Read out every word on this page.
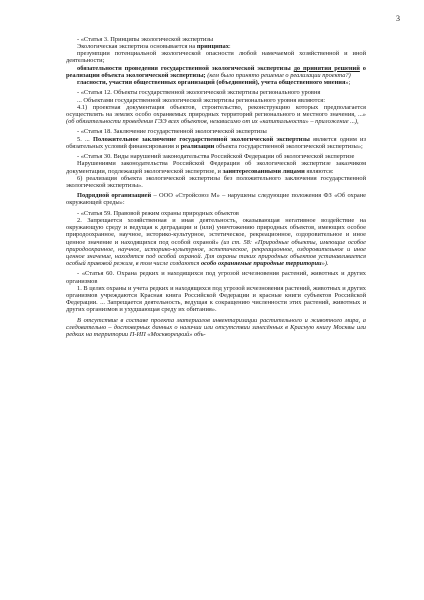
3

- «Статья 3. Принципы экологической экспертизы

Экологическая экспертиза основывается на принципах:

презумпции потенциальной экологической опасности любой намечаемой хозяйственной и иной деятельности;

обязательности проведения государственной экологической экспертизы до принятия решений о реализации объекта экологической экспертизы; (кем было принято решение о реализации проекта?)

гласности, участия общественных организаций (объединений), учета общественного мнения»;

- «Статья 12. Объекты государственной экологической экспертизы регионального уровня

... Объектами государственной экологической экспертизы регионального уровня являются:

4.1) проектная документация объектов, строительство, реконструкцию которых предполагается осуществлять на землях особо охраняемых природных территорий регионального и местного значения, ...» (об обязательности проведения ГЭЭ всех объектов, независимо от их «капитальности» – приложение ...),

- «Статья 18. Заключение государственной экологической экспертизы

5. ... Положительное заключение государственной экологической экспертизы является одним из обязательных условий финансирования и реализации объекта государственной экологической экспертизы»;

- «Статья 30. Виды нарушений законодательства Российской Федерации об экологической экспертизе

Нарушениями законодательства Российской Федерации об экологической экспертизе заказчиком документации, подлежащей экологической экспертизе, и заинтересованными лицами являются:

6) реализация объекта экологической экспертизы без положительного заключения государственной экологической экспертизы».

Подрядной организацией – ООО «Стройсоюз М» – нарушены следующие положения ФЗ «Об охране окружающей среды»:

- «Статья 59. Правовой режим охраны природных объектов

2. Запрещается хозяйственная и иная деятельность, оказывающая негативное воздействие на окружающую среду и ведущая к деградации и (или) уничтожению природных объектов, имеющих особое природоохранное, научное, историко-культурное, эстетическое, рекреационное, оздоровительное и иное ценное значение и находящихся под особой охраной» (из ст. 58: «Природные объекты, имеющие особое природоохранное, научное, историко-культурное, эстетическое, рекреационное, оздоровительное и иное ценное значение, находятся под особой охраной. Для охраны таких природных объектов устанавливается особый правовой режим, в том числе создаются особо охраняемые природные территории»).

- «Статья 60. Охрана редких и находящихся под угрозой исчезновения растений, животных и других организмов

1. В целях охраны и учета редких и находящихся под угрозой исчезновения растений, животных и других организмов учреждаются Красная книга Российской Федерации и красные книги субъектов Российской Федерации. ... Запрещается деятельность, ведущая к сокращению численности этих растений, животных и других организмов и ухудшающая среду их обитания».

В отсутствие в составе проекта материалов инвентаризации растительного и животного мира, а следовательно – достоверных данных о наличии или отсутствии занесённых в Красную книгу Москвы или редких на территории П-ИП «Москворецкий» объ-
